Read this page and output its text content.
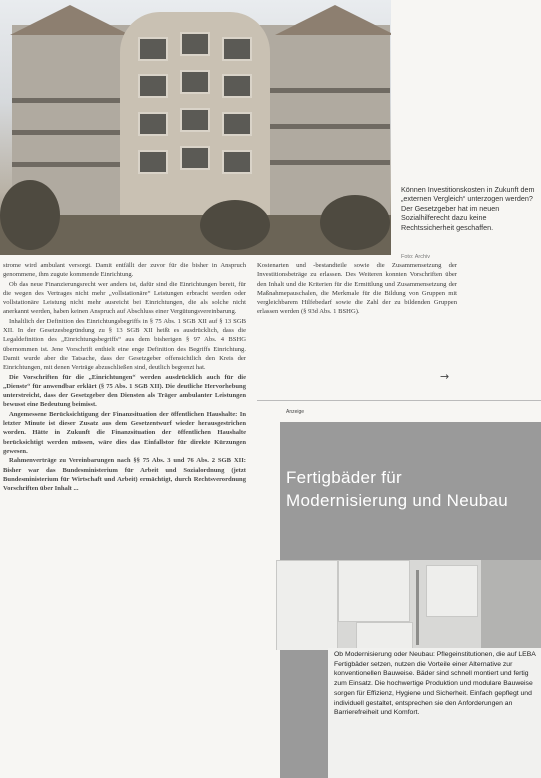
Können Investitionskosten in Zukunft dem „externen Vergleich“ unterzogen werden? Der Gesetzgeber hat im neuen Sozialhilferecht dazu keine Rechtssicherheit geschaffen.
Foto: Archiv

strome wird ambulant versorgt. Damit entfällt der zuvor für die bisher in Anspruch genommene, ihm zugute kommende Einrichtung.

Ob das neue Finanzierungsrecht wer anders ist, dafür sind die Einrichtungen bereit, für die wegen des Vertrages nicht mehr „vollstationäre“ Leistungen erbracht werden oder vollstationäre Leistung nicht mehr ausreicht bei Einrichtungen, die als solche nicht anerkannt werden, haben keinen Anspruch auf Abschluss einer Vergütungsvereinbarung.

Inhaltlich der Definition des Einrichtungsbegriffs in § 75 Abs. 1 SGB XII auf § 13 SGB XII. In der Gesetzesbegründung zu § 13 SGB XII heißt es ausdrücklich, dass die Legaldefinition des „Einrichtungsbegriffs“ aus dem bisherigen § 97 Abs. 4 BSHG übernommen ist. Jene Vorschrift enthielt eine enge Definition des Begriffs Einrichtung. Damit wurde aber die Tatsache, dass der Gesetzgeber offensichtlich den Kreis der Einrichtungen, mit denen Verträge abzuschließen sind, deutlich begrenzt hat.

Die Vorschriften für die „Einrichtungen“ werden ausdrücklich auch für die „Dienste“ für anwendbar erklärt (§ 75 Abs. 1 SGB XII). Die deutliche Hervorhebung unterstreicht, dass der Gesetzgeber den Diensten als Träger ambulanter Leistungen bewusst eine Bedeutung beimisst.

Angemessene Berücksichtigung der Finanzsituation der öffentlichen Haushalte: In letzter Minute ist dieser Zusatz aus dem Gesetzentwurf wieder herausgestrichen worden. Hätte in Zukunft die Finanzsituation der öffentlichen Haushalte berücksichtigt werden müssen, wäre dies das Einfallstor für direkte Kürzungen gewesen.

Rahmenverträge zu Vereinbarungen nach §§ 75 Abs. 3 und 76 Abs. 2 SGB XII: Bisher war das Bundesministerium für Arbeit und Sozialordnung (jetzt Bundesministerium für Wirtschaft und Arbeit) ermächtigt, durch Rechtsverordnung Vorschriften über Inhalt ...

Kostenarten und -bestandteile sowie die Zusammensetzung der Investitionsbeträge zu erlassen. Des Weiteren konnten Vorschriften über den Inhalt und die Kriterien für die Ermittlung und Zusammensetzung der Maßnahmepauschalen, die Merkmale für die Bildung von Gruppen mit vergleichbarem Hilfebedarf sowie die Zahl der zu bildenden Gruppen erlassen werden (§ 93d Abs. 1 BSHG).

→
Anzeige
Fertigbäder für
Modernisierung und Neubau
Ob Modernisierung oder Neubau: Pflegeinstitutionen, die auf LEBA Fertigbäder setzen, nutzen die Vorteile einer Alternative zur konventionellen Bauweise. Bäder sind schnell montiert und fertig zum Einsatz. Die hochwertige Produktion und modulare Bauweise sorgen für Effizienz, Hygiene und Sicherheit. Einfach gepflegt und individuell gestaltet, entsprechen sie den Anforderungen an Barrierefreiheit und Komfort.
